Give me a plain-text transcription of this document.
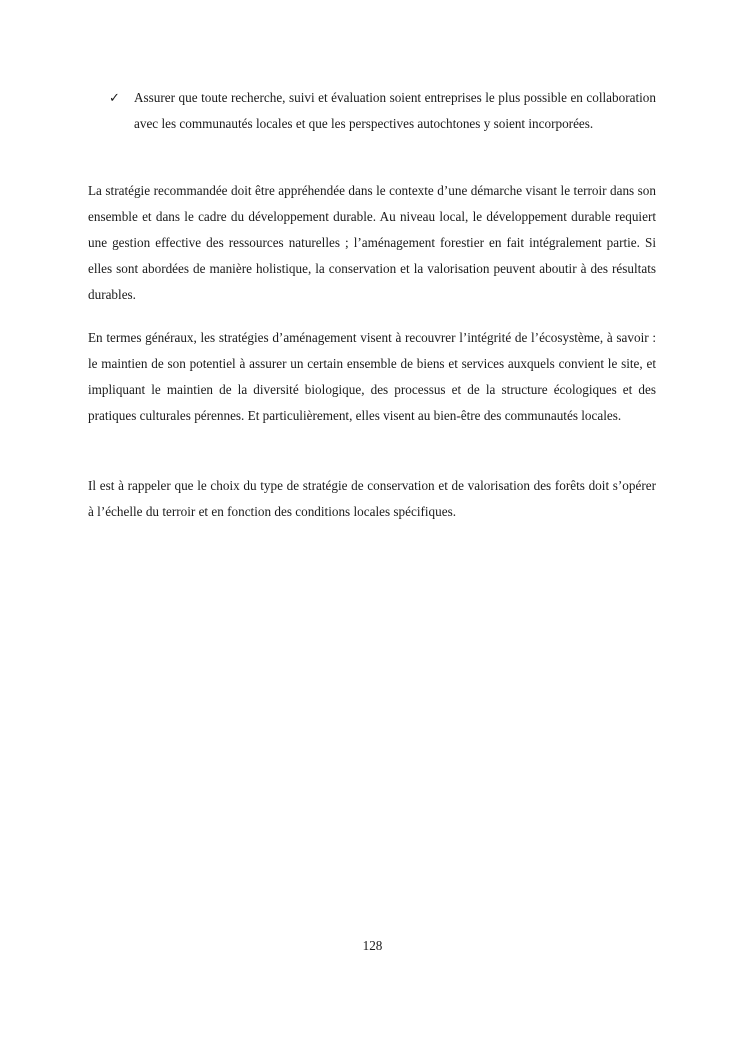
✓	Assurer que toute recherche, suivi et évaluation soient entreprises le plus possible en collaboration avec les communautés locales et que les perspectives autochtones y soient incorporées.

La stratégie recommandée doit être appréhendée dans le contexte d’une démarche visant le terroir dans son ensemble et dans le cadre du développement durable. Au niveau local, le développement durable requiert une gestion effective des ressources naturelles ; l’aménagement forestier en fait intégralement partie. Si elles sont abordées de manière holistique, la conservation et la valorisation peuvent aboutir à des résultats durables.

En termes généraux, les stratégies d’aménagement visent à recouvrer l’intégrité de l’écosystème, à savoir : le maintien de son potentiel à assurer un certain ensemble de biens et services auxquels convient le site, et impliquant le maintien de la diversité biologique, des processus et de la structure écologiques et des pratiques culturales pérennes. Et particulièrement, elles visent au bien-être des communautés locales.

Il est à rappeler que le choix du type de stratégie de conservation et de valorisation des forêts doit s’opérer à l’échelle du terroir et en fonction des conditions locales spécifiques.

128
